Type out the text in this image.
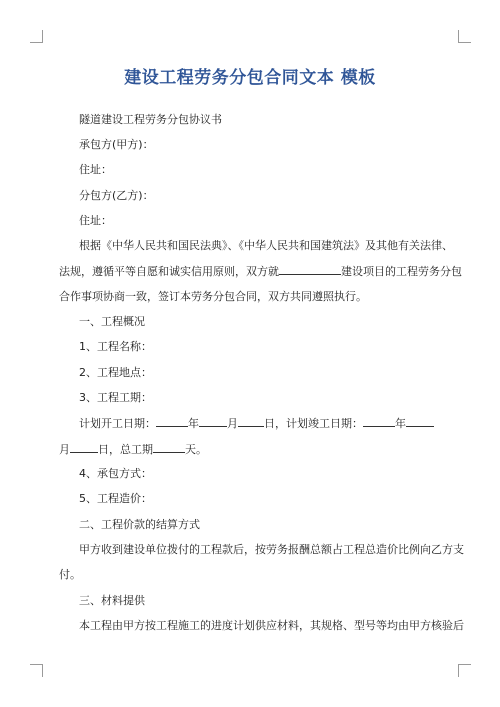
建设工程劳务分包合同文本 模板
隧道建设工程劳务分包协议书
承包方(甲方)：
住址：
分包方(乙方)：
住址：
根据《中华人民共和国民法典》、《中华人民共和国建筑法》及其他有关法律、
法规，遵循平等自愿和诚实信用原则，双方就	建设项目的工程劳务分包
合作事项协商一致，签订本劳务分包合同，双方共同遵照执行。
一、工程概况
1、工程名称：
2、工程地点：
3、工程工期：
计划开工日期：	年	月 日，计划竣工日期：	年
月	日，总工期	天。
4、承包方式：
5、工程造价：
二、工程价款的结算方式
甲方收到建设单位拨付的工程款后，按劳务报酬总额占工程总造价比例向乙方支
付。
三、材料提供
本工程由甲方按工程施工的进度计划供应材料，其规格、型号等均由甲方核验后
